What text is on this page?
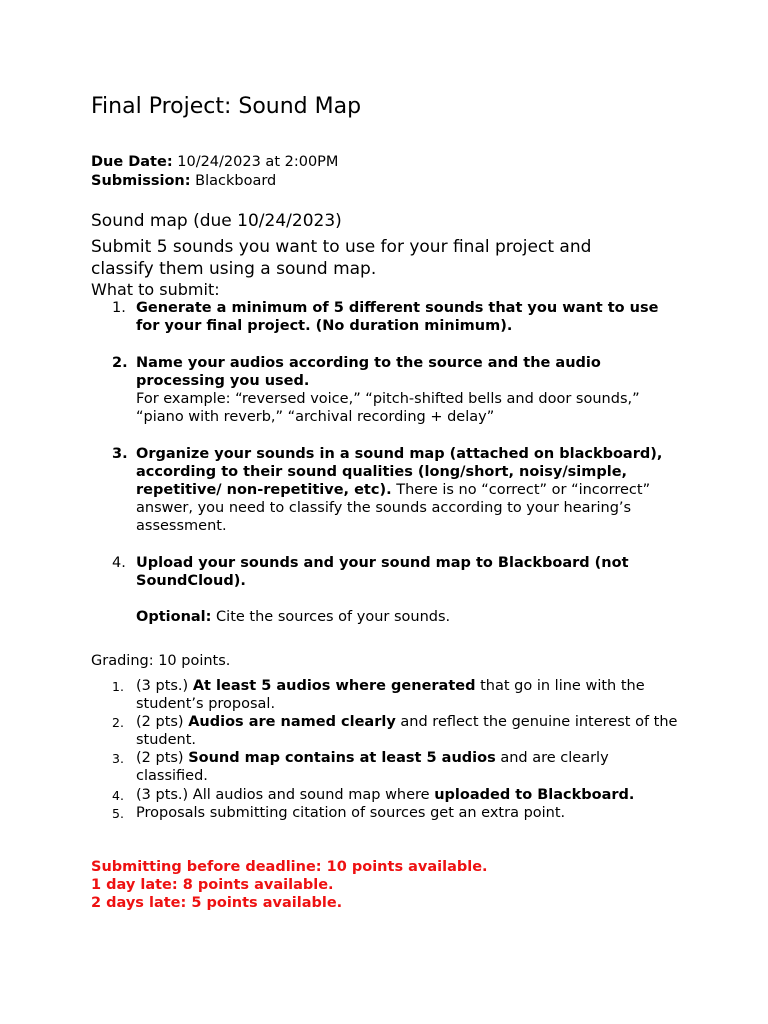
Final Project: Sound Map
Due Date: 10/24/2023 at 2:00PM
Submission: Blackboard
Sound map (due 10/24/2023)
Submit 5 sounds you want to use for your final project and classify them using a sound map.
What to submit:
1. Generate a minimum of 5 different sounds that you want to use for your final project. (No duration minimum).
2. Name your audios according to the source and the audio processing you used.
For example: “reversed voice,” “pitch-shifted bells and door sounds,” “piano with reverb,” “archival recording + delay”
3. Organize your sounds in a sound map (attached on blackboard), according to their sound qualities (long/short, noisy/simple, repetitive/ non-repetitive, etc). There is no “correct” or “incorrect” answer, you need to classify the sounds according to your hearing’s assessment.
4. Upload your sounds and your sound map to Blackboard (not SoundCloud).
Optional: Cite the sources of your sounds.
Grading: 10 points.
1. (3 pts.) At least 5 audios where generated that go in line with the student’s proposal.
2. (2 pts) Audios are named clearly and reflect the genuine interest of the student.
3. (2 pts) Sound map contains at least 5 audios and are clearly classified.
4. (3 pts.) All audios and sound map where uploaded to Blackboard.
5. Proposals submitting citation of sources get an extra point.
Submitting before deadline: 10 points available.
1 day late: 8 points available.
2 days late: 5 points available.
